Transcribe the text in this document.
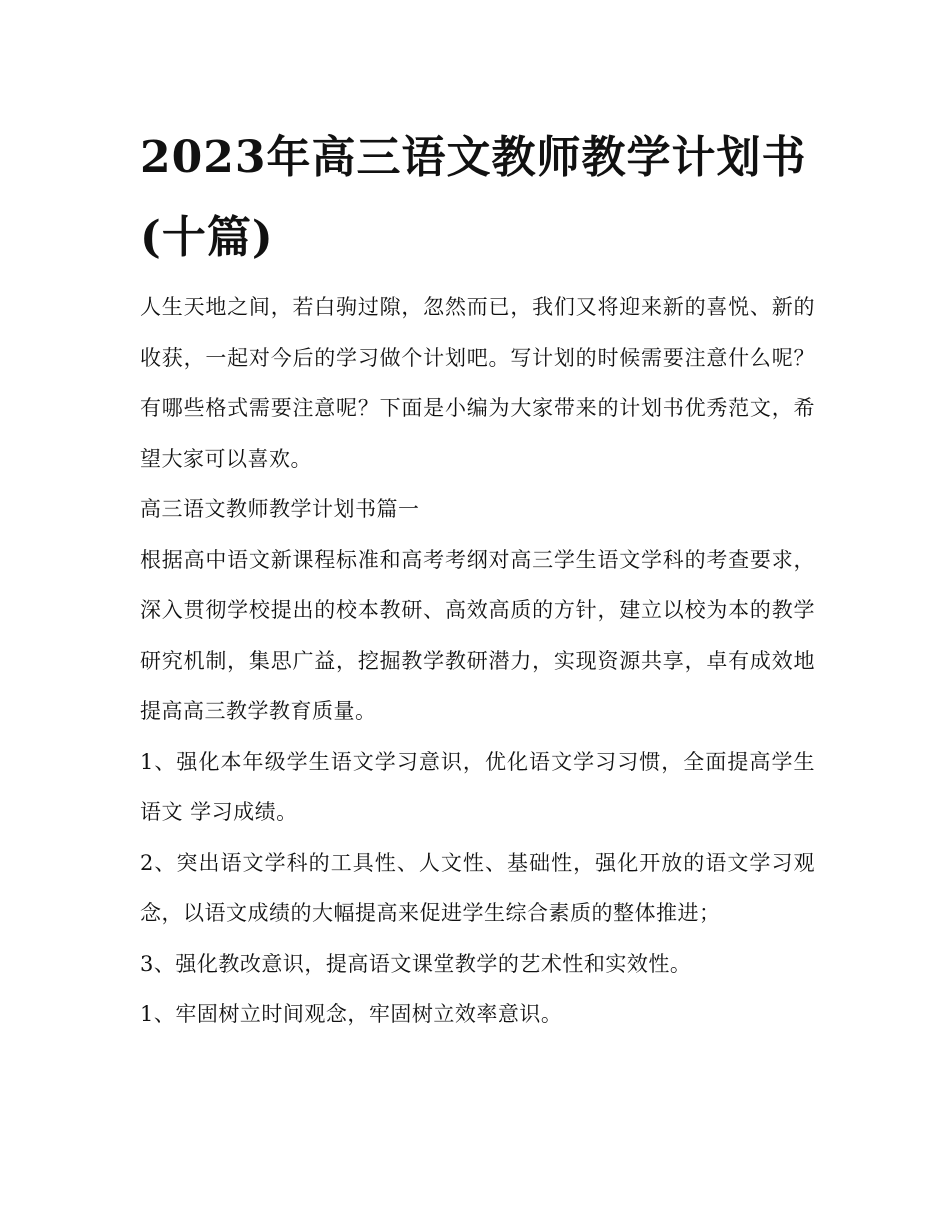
2023年高三语文教师教学计划书(十篇)

人生天地之间，若白驹过隙，忽然而已，我们又将迎来新的喜悦、新的收获，一起对今后的学习做个计划吧。写计划的时候需要注意什么呢？有哪些格式需要注意呢？下面是小编为大家带来的计划书优秀范文，希望大家可以喜欢。

高三语文教师教学计划书篇一

根据高中语文新课程标准和高考考纲对高三学生语文学科的考查要求，深入贯彻学校提出的校本教研、高效高质的方针，建立以校为本的教学研究机制，集思广益，挖掘教学教研潜力，实现资源共享，卓有成效地提高高三教学教育质量。

1、强化本年级学生语文学习意识，优化语文学习习惯，全面提高学生语文 学习成绩。

2、突出语文学科的工具性、人文性、基础性，强化开放的语文学习观念，以语文成绩的大幅提高来促进学生综合素质的整体推进；

3、强化教改意识，提高语文课堂教学的艺术性和实效性。

1、牢固树立时间观念，牢固树立效率意识。
